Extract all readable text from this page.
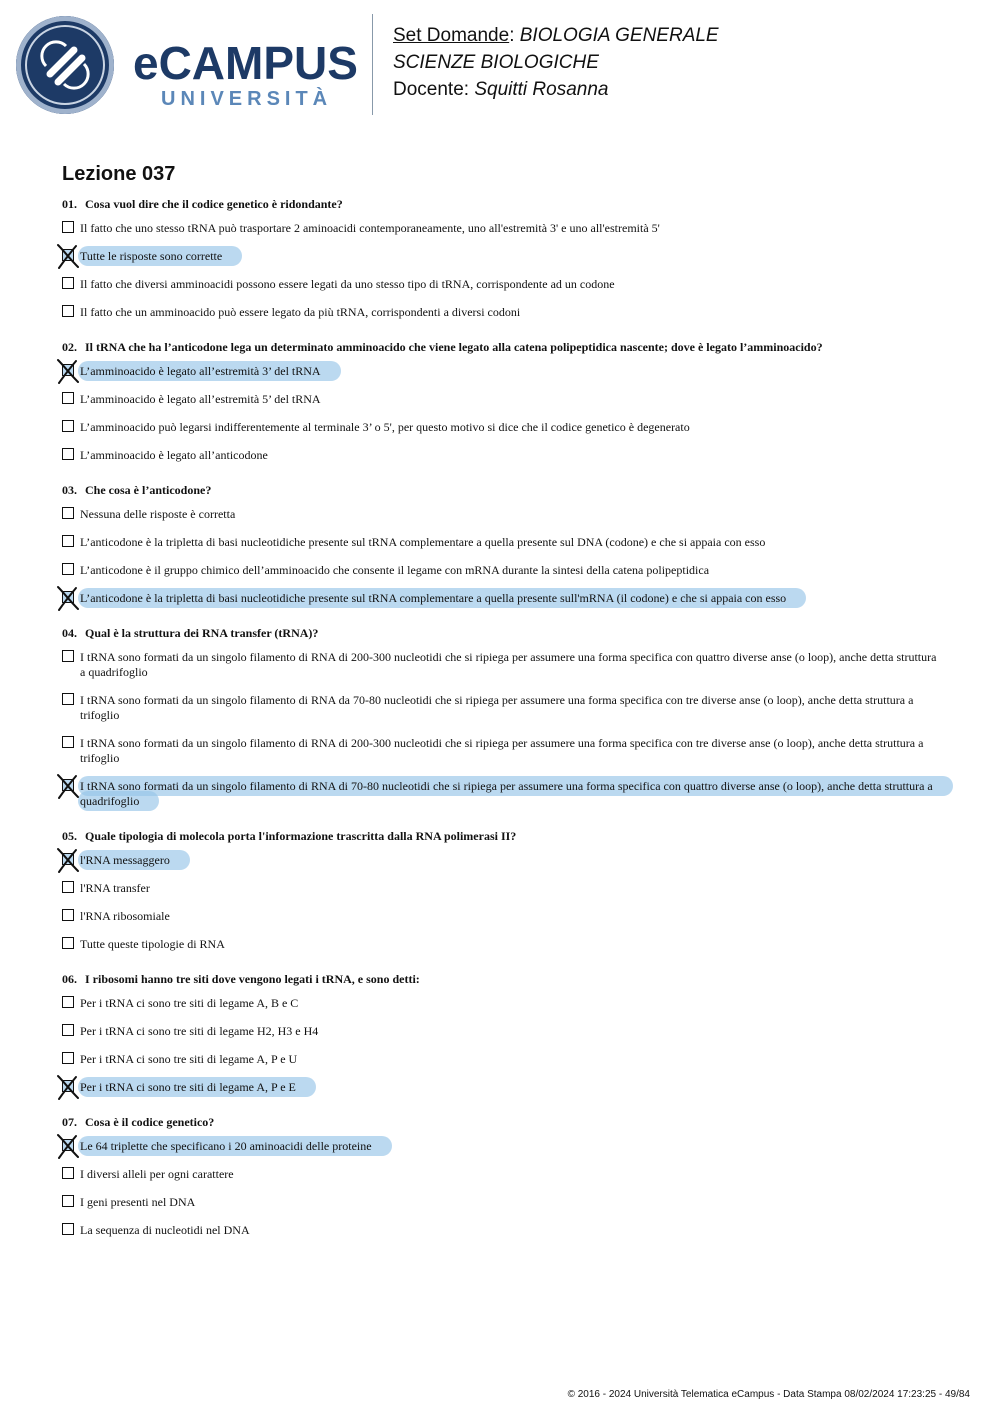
eCAMPUS
UNIVERSITÀ
Set Domande: BIOLOGIA GENERALE
SCIENZE BIOLOGICHE
Docente: Squitti Rosanna
Lezione 037
01. Cosa vuol dire che il codice genetico è ridondante?
Il fatto che uno stesso tRNA può trasportare 2 aminoacidi contemporaneamente, uno all'estremità 3' e uno all'estremità 5'
Tutte le risposte sono corrette
Il fatto che diversi amminoacidi possono essere legati da uno stesso tipo di tRNA, corrispondente ad un codone
Il fatto che un amminoacido può essere legato da più tRNA, corrispondenti a diversi codoni
02. Il tRNA che ha l’anticodone lega un determinato amminoacido che viene legato alla catena polipeptidica nascente; dove è legato l’amminoacido?
L’amminoacido è legato all’estremità 3’ del tRNA
L’amminoacido è legato all’estremità 5’ del tRNA
L’amminoacido può legarsi indifferentemente al terminale 3’ o 5', per questo motivo si dice che il codice genetico è degenerato
L’amminoacido è legato all’anticodone
03. Che cosa è l’anticodone?
Nessuna delle risposte è corretta
L’anticodone è la tripletta di basi nucleotidiche presente sul tRNA complementare a quella presente sul DNA (codone) e che si appaia con esso
L’anticodone è il gruppo chimico dell’amminoacido che consente il legame con mRNA durante la sintesi della catena polipeptidica
L’anticodone è la tripletta di basi nucleotidiche presente sul tRNA complementare a quella presente sull'mRNA (il codone) e che si appaia con esso
04. Qual è la struttura dei RNA transfer (tRNA)?
I tRNA sono formati da un singolo filamento di RNA di 200-300 nucleotidi che si ripiega per assumere una forma specifica con quattro diverse anse (o loop), anche detta struttura a quadrifoglio
I tRNA sono formati da un singolo filamento di RNA da 70-80 nucleotidi che si ripiega per assumere una forma specifica con tre diverse anse (o loop), anche detta struttura a trifoglio
I tRNA sono formati da un singolo filamento di RNA di 200-300 nucleotidi che si ripiega per assumere una forma specifica con tre diverse anse (o loop), anche detta struttura a trifoglio
I tRNA sono formati da un singolo filamento di RNA di 70-80 nucleotidi che si ripiega per assumere una forma specifica con quattro diverse anse (o loop), anche detta struttura a quadrifoglio
05. Quale tipologia di molecola porta l'informazione trascritta dalla RNA polimerasi II?
l'RNA messaggero
l'RNA transfer
l'RNA ribosomiale
Tutte queste tipologie di RNA
06. I ribosomi hanno tre siti dove vengono legati i tRNA, e sono detti:
Per i tRNA ci sono tre siti di legame A, B e C
Per i tRNA ci sono tre siti di legame H2, H3 e H4
Per i tRNA ci sono tre siti di legame A, P e U
Per i tRNA ci sono tre siti di legame A, P e E
07. Cosa è il codice genetico?
Le 64 triplette che specificano i 20 aminoacidi delle proteine
I diversi alleli per ogni carattere
I geni presenti nel DNA
La sequenza di nucleotidi nel DNA
© 2016 - 2024 Università Telematica eCampus - Data Stampa 08/02/2024 17:23:25 - 49/84
